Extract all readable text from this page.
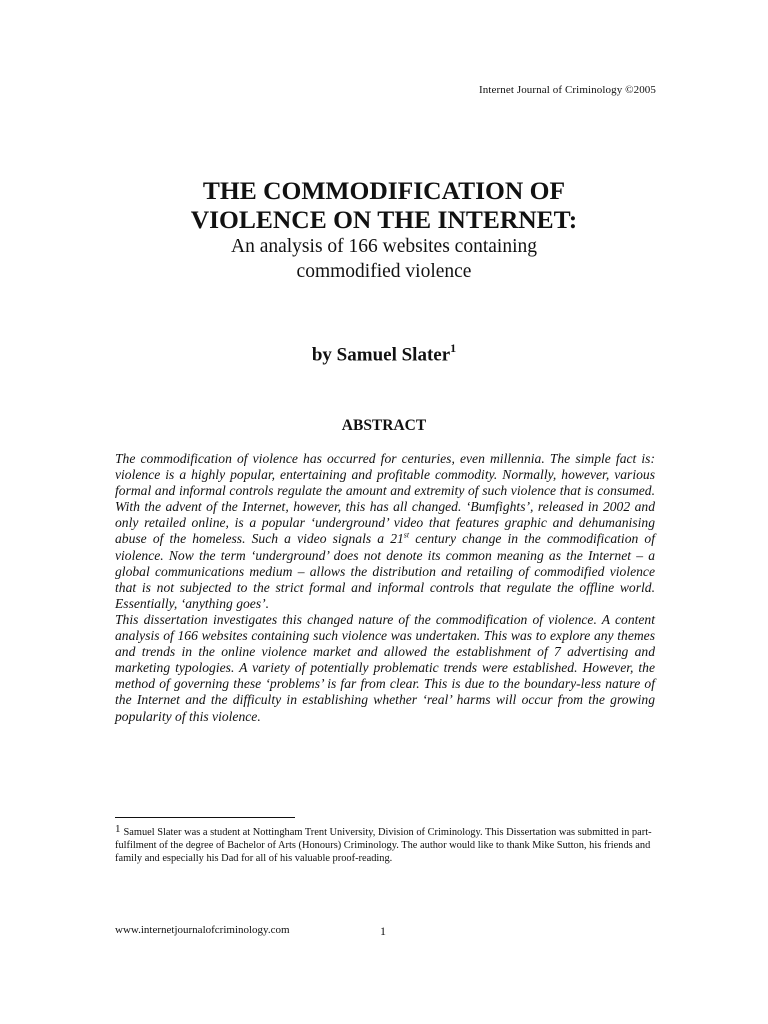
Internet Journal of Criminology ©2005

THE COMMODIFICATION OF

VIOLENCE ON THE INTERNET:

An analysis of 166 websites containing

commodified violence

by Samuel Slater$^1$
ABSTRACT

The commodification of violence has occurred for centuries, even millennia. The simple fact is: violence is a highly popular, entertaining and profitable commodity. Normally, however, various formal and informal controls regulate the amount and extremity of such violence that is consumed. With the advent of the Internet, however, this has all changed. ‘Bumfights’, released in 2002 and only retailed online, is a popular ‘underground’ video that features graphic and dehumanising abuse of the homeless. Such a video signals a 21st century change in the commodification of violence. Now the term ‘underground’ does not denote its common meaning as the Internet – a global communications medium – allows the distribution and retailing of commodified violence that is not subjected to the strict formal and informal controls that regulate the offline world. Essentially, ‘anything goes’.

This dissertation investigates this changed nature of the commodification of violence. A content analysis of 166 websites containing such violence was undertaken. This was to explore any themes and trends in the online violence market and allowed the establishment of 7 advertising and marketing typologies. A variety of potentially problematic trends were established. However, the method of governing these ‘problems’ is far from clear. This is due to the boundary-less nature of the Internet and the difficulty in establishing whether ‘real’ harms will occur from the growing popularity of this violence.

1 Samuel Slater was a student at Nottingham Trent University, Division of Criminology. This Dissertation was submitted in part-fulfilment of the degree of Bachelor of Arts (Honours) Criminology. The author would like to thank Mike Sutton, his friends and family and especially his Dad for all of his valuable proof-reading.
www.internetjournalofcriminology.com	1
